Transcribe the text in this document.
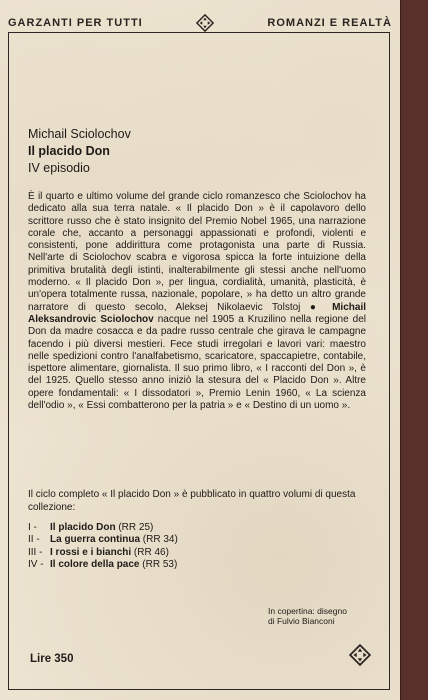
GARZANTI PER TUTTI	ROMANZI E REALTÀ
Michail Sciolochov
Il placido Don
IV episodio

È il quarto e ultimo volume del grande ciclo romanzesco che Sciolochov ha dedicato alla sua terra natale. « Il placido Don » è il capolavoro dello scrittore russo che è stato insignito del Premio Nobel 1965, una narrazione corale che, accanto a personaggi appassionati e profondi, violenti e consistenti, pone addirittura come protagonista una parte di Russia. Nell'arte di Sciolochov scabra e vigorosa spicca la forte intuizione della primitiva brutalità degli istinti, inalterabilmente gli stessi anche nell'uomo moderno. « Il placido Don », per lingua, cordialità, umanità, plasticità, è un'opera totalmente russa, nazionale, popolare, » ha detto un altro grande narratore di questo secolo, Aleksej Nikolaevic Tolstoj ● Michail Aleksandrovic Sciolochov nacque nel 1905 a Kruzilino nella regione del Don da madre cosacca e da padre russo centrale che girava le campagne facendo i più diversi mestieri. Fece studi irregolari e lavori vari: maestro nelle spedizioni contro l'analfabetismo, scaricatore, spaccapietre, contabile, ispettore alimentare, giornalista. Il suo primo libro, « I racconti del Don », è del 1925. Quello stesso anno iniziò la stesura del « Placido Don ». Altre opere fondamentali: « I dissodatori », Premio Lenin 1960, « La scienza dell'odio », « Essi combatterono per la patria » e « Destino di un uomo ».

Il ciclo completo « Il placido Don » è pubblicato in quattro volumi di questa collezione:

I - Il placido Don (RR 25)
II - La guerra continua (RR 34)
III - I rossi e i bianchi (RR 46)
IV - Il colore della pace (RR 53)
In copertina: disegno
di Fulvio Bianconi
Lire 350
